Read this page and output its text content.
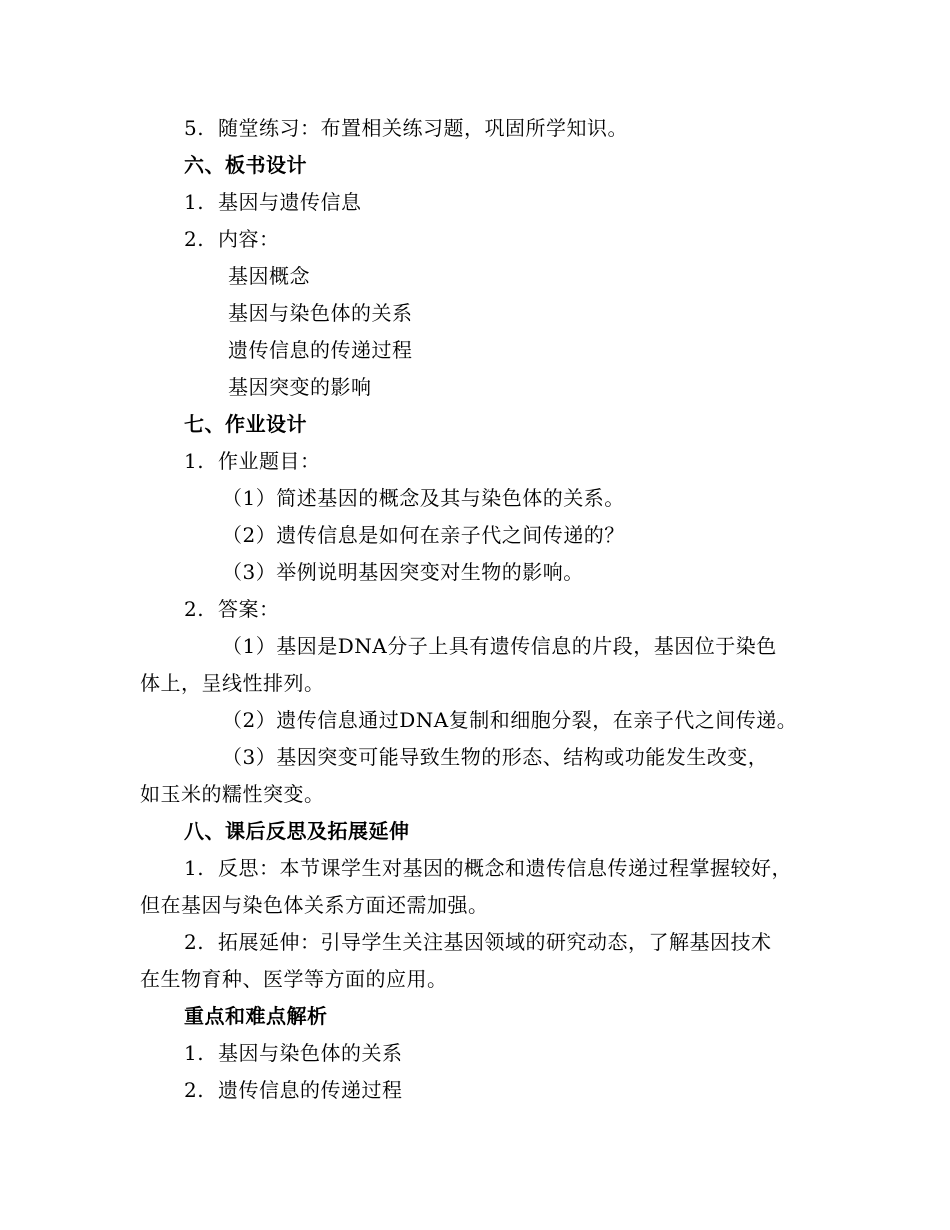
5. 随堂练习：布置相关练习题，巩固所学知识。
六、板书设计
1. 基因与遗传信息
2. 内容：
基因概念
基因与染色体的关系
遗传信息的传递过程
基因突变的影响
七、作业设计
1. 作业题目：
（1）简述基因的概念及其与染色体的关系。
（2）遗传信息是如何在亲子代之间传递的？
（3）举例说明基因突变对生物的影响。
2. 答案：
（1）基因是DNA分子上具有遗传信息的片段，基因位于染色
体上，呈线性排列。
（2）遗传信息通过DNA复制和细胞分裂，在亲子代之间传递。
（3）基因突变可能导致生物的形态、结构或功能发生改变，
如玉米的糯性突变。
八、课后反思及拓展延伸
1. 反思：本节课学生对基因的概念和遗传信息传递过程掌握较好，
但在基因与染色体关系方面还需加强。
2. 拓展延伸：引导学生关注基因领域的研究动态，了解基因技术
在生物育种、医学等方面的应用。
重点和难点解析
1. 基因与染色体的关系
2. 遗传信息的传递过程
